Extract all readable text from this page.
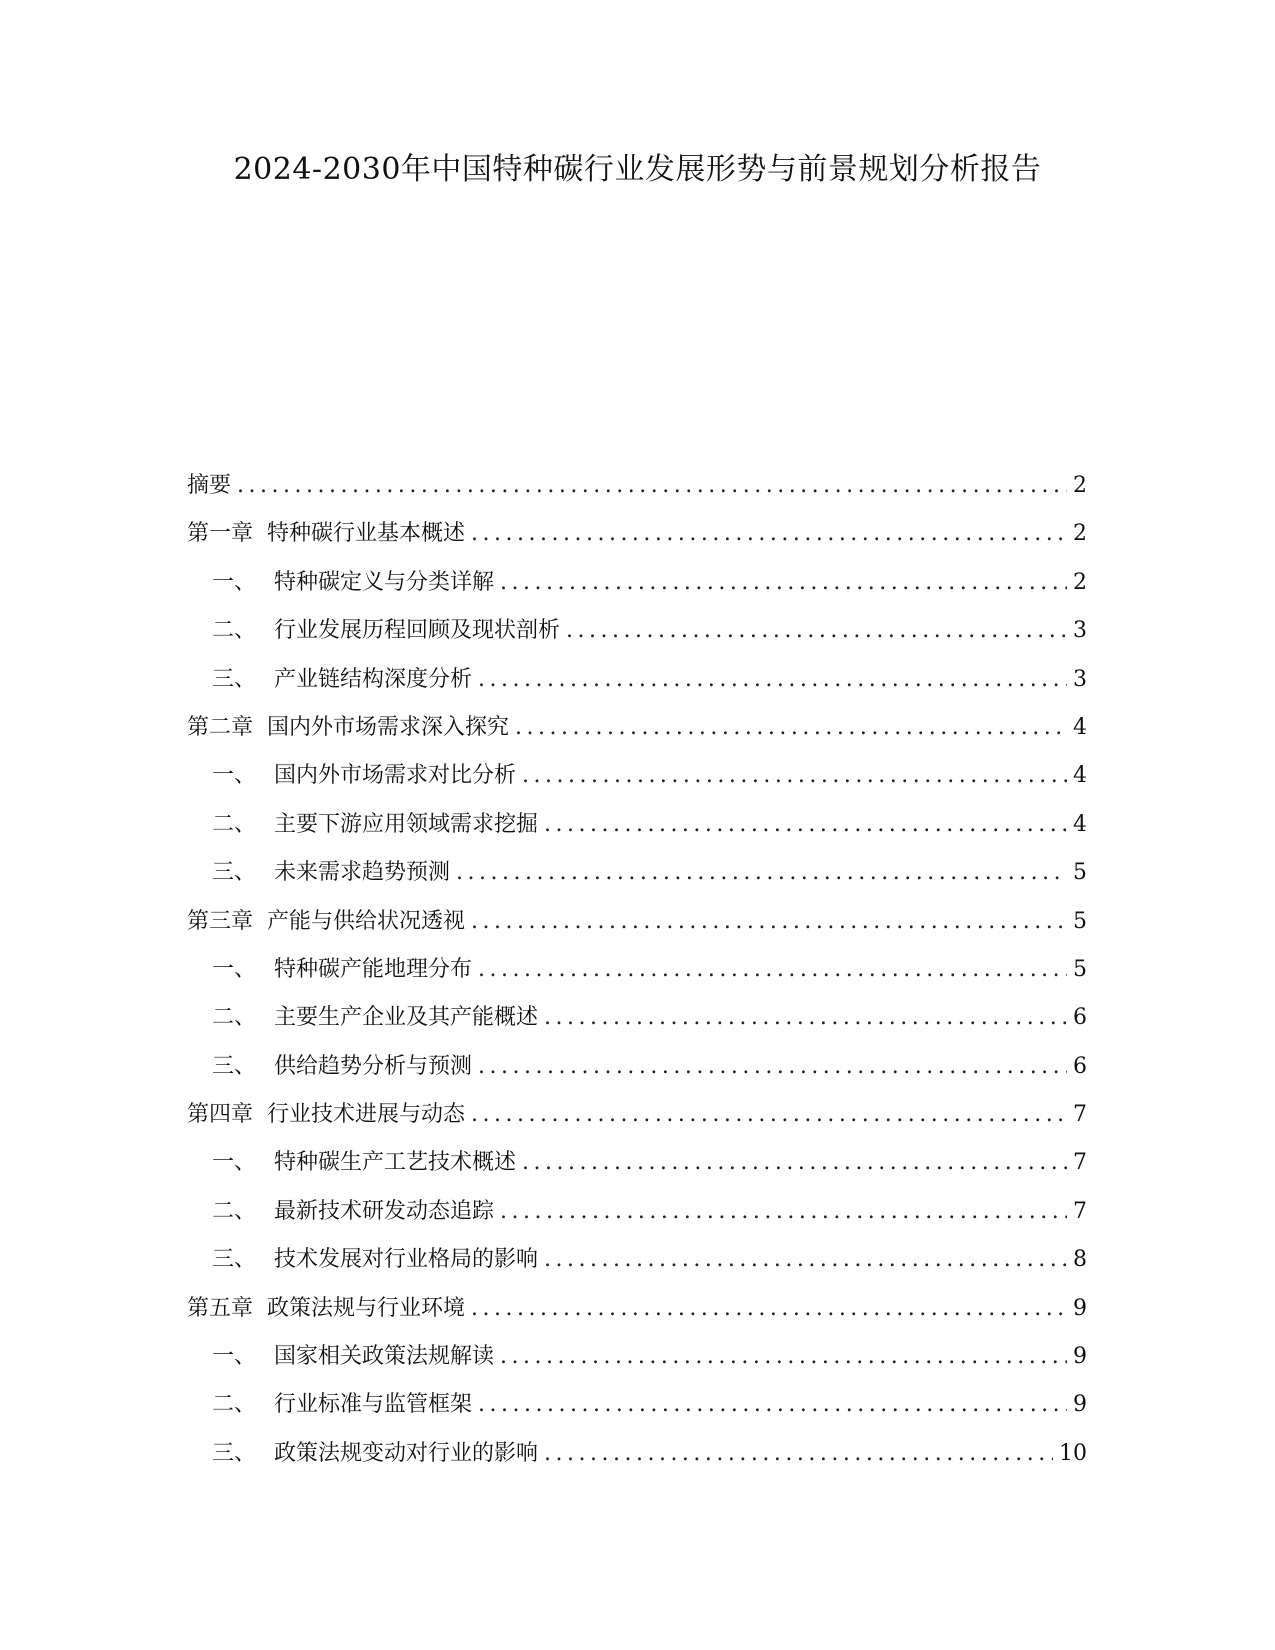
2024-2030年中国特种碳行业发展形势与前景规划分析报告
摘要 .....	2
第一章 特种碳行业基本概述 .....	2
一、 特种碳定义与分类详解 .....	2
二、 行业发展历程回顾及现状剖析 .....	3
三、 产业链结构深度分析 .....	3
第二章 国内外市场需求深入探究 .....	4
一、 国内外市场需求对比分析 .....	4
二、 主要下游应用领域需求挖掘 .....	4
三、 未来需求趋势预测 .....	5
第三章 产能与供给状况透视 .....	5
一、 特种碳产能地理分布 .....	5
二、 主要生产企业及其产能概述 .....	6
三、 供给趋势分析与预测 .....	6
第四章 行业技术进展与动态 .....	7
一、 特种碳生产工艺技术概述 .....	7
二、 最新技术研发动态追踪 .....	7
三、 技术发展对行业格局的影响 .....	8
第五章 政策法规与行业环境 .....	9
一、 国家相关政策法规解读 .....	9
二、 行业标准与监管框架 .....	9
三、 政策法规变动对行业的影响 .....	10
